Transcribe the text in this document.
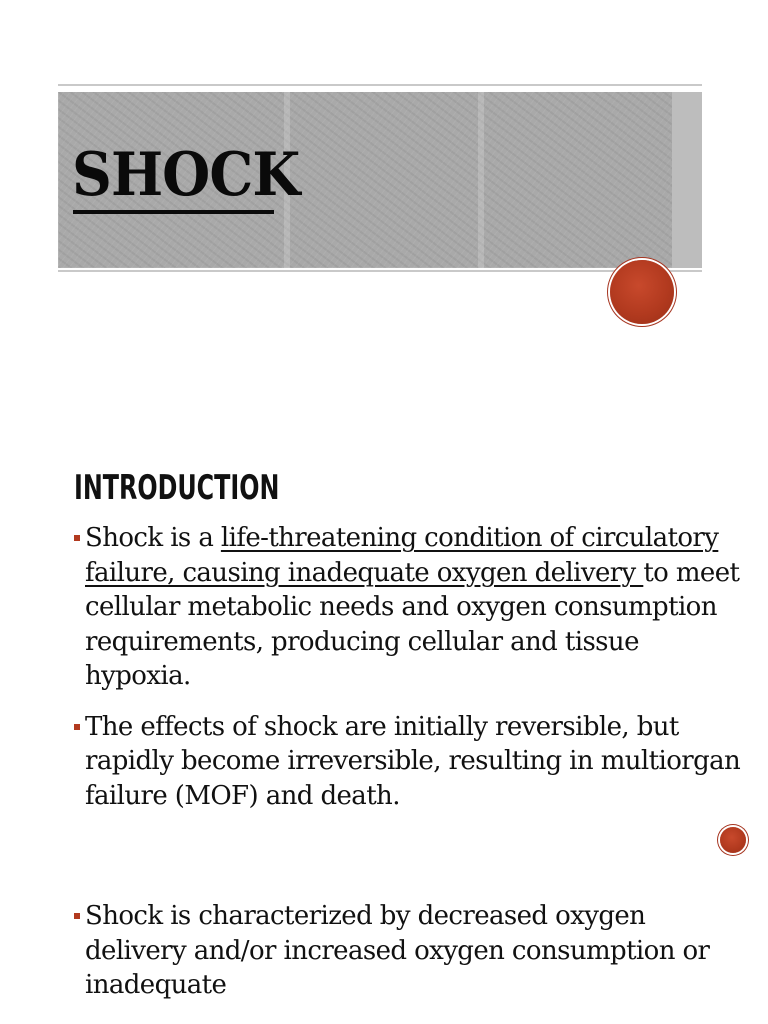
SHOCK
INTRODUCTION
Shock is a life-threatening condition of circulatory failure, causing inadequate oxygen delivery to meet cellular metabolic needs and oxygen consumption requirements, producing cellular and tissue hypoxia.
The effects of shock are initially reversible, but rapidly become irreversible, resulting in multiorgan failure (MOF) and death.
Shock is characterized by decreased oxygen delivery and/or increased oxygen consumption or inadequate
